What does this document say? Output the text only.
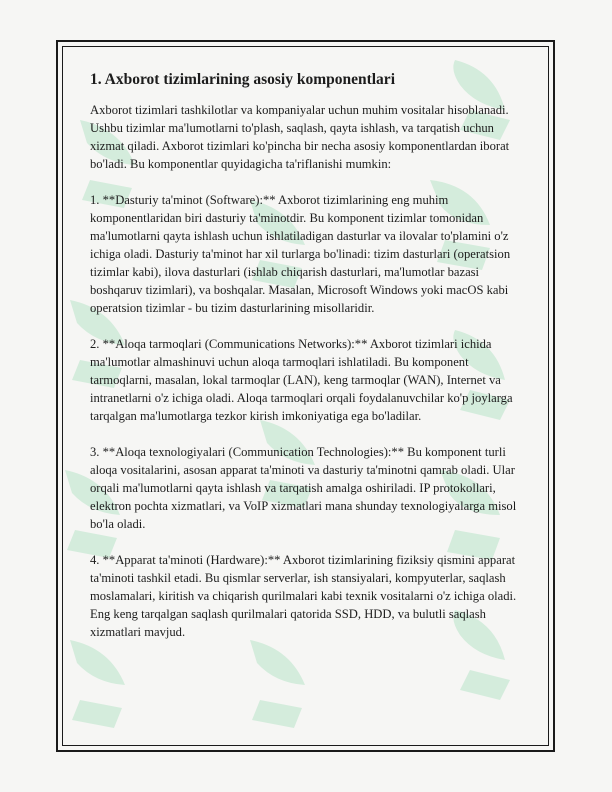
1. Axborot tizimlarining asosiy komponentlari

Axborot tizimlari tashkilotlar va kompaniyalar uchun muhim vositalar hisoblanadi. Ushbu tizimlar ma'lumotlarni to'plash, saqlash, qayta ishlash, va tarqatish uchun xizmat qiladi. Axborot tizimlari ko'pincha bir necha asosiy komponentlardan iborat bo'ladi. Bu komponentlar quyidagicha ta'riflanishi mumkin:

1. **Dasturiy ta'minot (Software):** Axborot tizimlarining eng muhim komponentlaridan biri dasturiy ta'minotdir. Bu komponent tizimlar tomonidan ma'lumotlarni qayta ishlash uchun ishlatiladigan dasturlar va ilovalar to'plamini o'z ichiga oladi. Dasturiy ta'minot har xil turlarga bo'linadi: tizim dasturlari (operatsion tizimlar kabi), ilova dasturlari (ishlab chiqarish dasturlari, ma'lumotlar bazasi boshqaruv tizimlari), va boshqalar. Masalan, Microsoft Windows yoki macOS kabi operatsion tizimlar - bu tizim dasturlarining misollaridir.

2. **Aloqa tarmoqlari (Communications Networks):** Axborot tizimlari ichida ma'lumotlar almashinuvi uchun aloqa tarmoqlari ishlatiladi. Bu komponent tarmoqlarni, masalan, lokal tarmoqlar (LAN), keng tarmoqlar (WAN), Internet va intranetlarni o'z ichiga oladi. Aloqa tarmoqlari orqali foydalanuvchilar ko'p joylarga tarqalgan ma'lumotlarga tezkor kirish imkoniyatiga ega bo'ladilar.

3. **Aloqa texnologiyalari (Communication Technologies):** Bu komponent turli aloqa vositalarini, asosan apparat ta'minoti va dasturiy ta'minotni qamrab oladi. Ular orqali ma'lumotlarni qayta ishlash va tarqatish amalga oshiriladi. IP protokollari, elektron pochta xizmatlari, va VoIP xizmatlari mana shunday texnologiyalarga misol bo'la oladi.

4. **Apparat ta'minoti (Hardware):** Axborot tizimlarining fiziksiy qismini apparat ta'minoti tashkil etadi. Bu qismlar serverlar, ish stansiyalari, kompyuterlar, saqlash moslamalari, kiritish va chiqarish qurilmalari kabi texnik vositalarni o'z ichiga oladi. Eng keng tarqalgan saqlash qurilmalari qatorida SSD, HDD, va bulutli saqlash xizmatlari mavjud.
